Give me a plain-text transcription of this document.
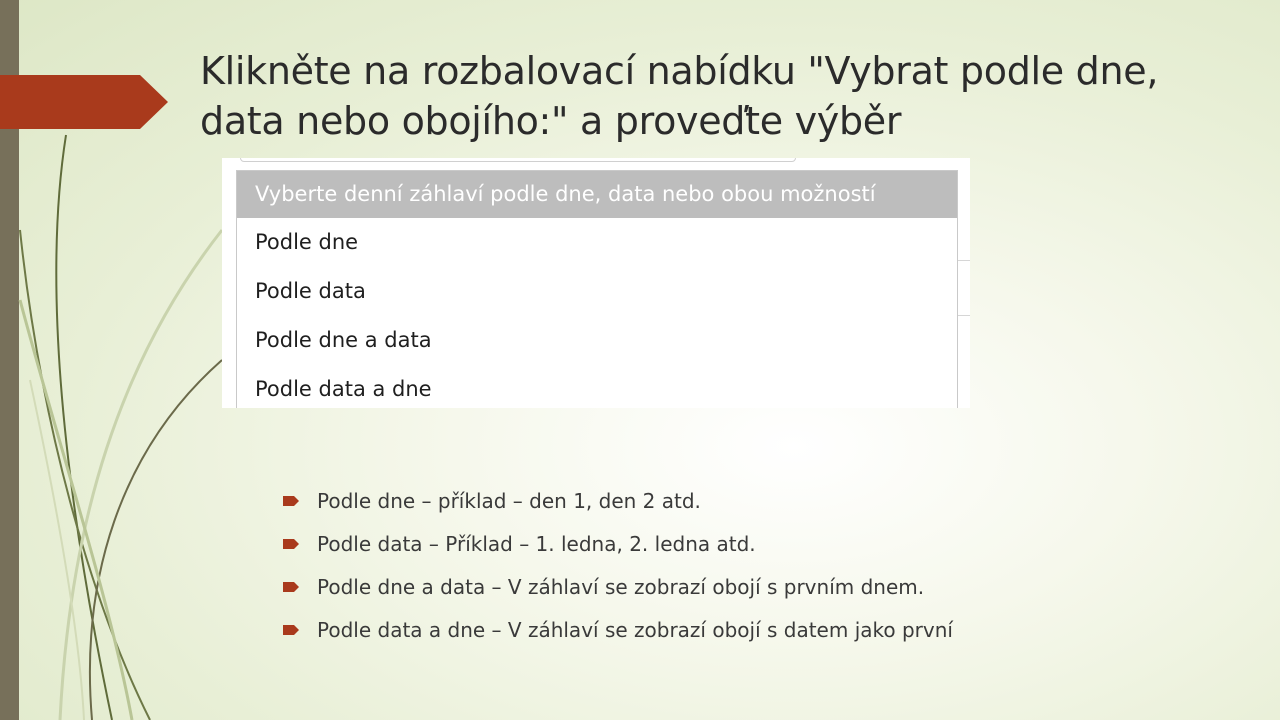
Klikněte na rozbalovací nabídku "Vybrat podle dne, data nebo obojího:" a proveďte výběr
Vyberte denní záhlaví podle dne, data nebo obou možností
Podle dne
Podle data
Podle dne a data
Podle data a dne
Podle dne – příklad – den 1, den 2 atd.
Podle data – Příklad – 1. ledna, 2. ledna atd.
Podle dne a data – V záhlaví se zobrazí obojí s prvním dnem.
Podle data a dne – V záhlaví se zobrazí obojí s datem jako první
